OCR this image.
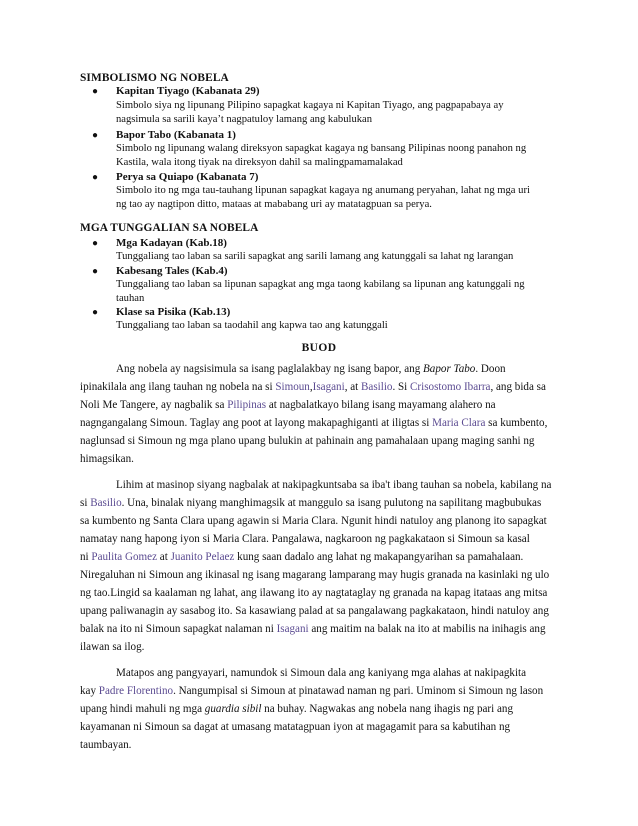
SIMBOLISMO NG NOBELA
● Kapitan Tiyago (Kabanata 29)
Simbolo siya ng lipunang Pilipino sapagkat kagaya ni Kapitan Tiyago, ang pagpapabaya ay
nagsimula sa sarili kaya’t nagpatuloy lamang ang kabulukan
● Bapor Tabo (Kabanata 1)
Simbolo ng lipunang walang direksyon sapagkat kagaya ng bansang Pilipinas noong panahon ng
Kastila, wala itong tiyak na direksyon dahil sa malingpamamalakad
● Perya sa Quiapo (Kabanata 7)
Simbolo ito ng mga tau-tauhang lipunan sapagkat kagaya ng anumang peryahan, lahat ng mga uri
ng tao ay nagtipon ditto, mataas at mababang uri ay matatagpuan sa perya.
MGA TUNGGALIAN SA NOBELA
● Mga Kadayan (Kab.18)
Tunggaliang tao laban sa sarili sapagkat ang sarili lamang ang katunggali sa lahat ng larangan
● Kabesang Tales (Kab.4)
Tunggaliang tao laban sa lipunan sapagkat ang mga taong kabilang sa lipunan ang katunggali ng
tauhan
● Klase sa Pisika (Kab.13)
Tunggaliang tao laban sa taodahil ang kapwa tao ang katunggali
BUOD
Ang nobela ay nagsisimula sa isang paglalakbay ng isang bapor, ang Bapor Tabo. Doon
ipinakilala ang ilang tauhan ng nobela na si Simoun,Isagani, at Basilio. Si Crisostomo Ibarra, ang bida sa
Noli Me Tangere, ay nagbalik sa Pilipinas at nagbalatkayo bilang isang mayamang alahero na
nagngangalang Simoun. Taglay ang poot at layong makapaghiganti at iligtas si Maria Clara sa kumbento,
naglunsad si Simoun ng mga plano upang bulukin at pahinain ang pamahalaan upang maging sanhi ng
himagsikan.
Lihim at masinop siyang nagbalak at nakipagkuntsaba sa iba't ibang tauhan sa nobela, kabilang na
si Basilio. Una, binalak niyang manghimagsik at manggulo sa isang pulutong na sapilitang magbubukas
sa kumbento ng Santa Clara upang agawin si Maria Clara. Ngunit hindi natuloy ang planong ito sapagkat
namatay nang hapong iyon si Maria Clara. Pangalawa, nagkaroon ng pagkakataon si Simoun sa kasal
ni Paulita Gomez at Juanito Pelaez kung saan dadalo ang lahat ng makapangyarihan sa pamahalaan.
Niregaluhan ni Simoun ang ikinasal ng isang magarang lamparang may hugis granada na kasinlaki ng ulo
ng tao.Lingid sa kaalaman ng lahat, ang ilawang ito ay nagtataglay ng granada na kapag itataas ang mitsa
upang paliwanagin ay sasabog ito. Sa kasawiang palad at sa pangalawang pagkakataon, hindi natuloy ang
balak na ito ni Simoun sapagkat nalaman ni Isagani ang maitim na balak na ito at mabilis na inihagis ang
ilawan sa ilog.
Matapos ang pangyayari, namundok si Simoun dala ang kaniyang mga alahas at nakipagkita
kay Padre Florentino. Nangumpisal si Simoun at pinatawad naman ng pari. Uminom si Simoun ng lason
upang hindi mahuli ng mga guardia sibil na buhay. Nagwakas ang nobela nang ihagis ng pari ang
kayamanan ni Simoun sa dagat at umasang matatagpuan iyon at magagamit para sa kabutihan ng
taumbayan.
